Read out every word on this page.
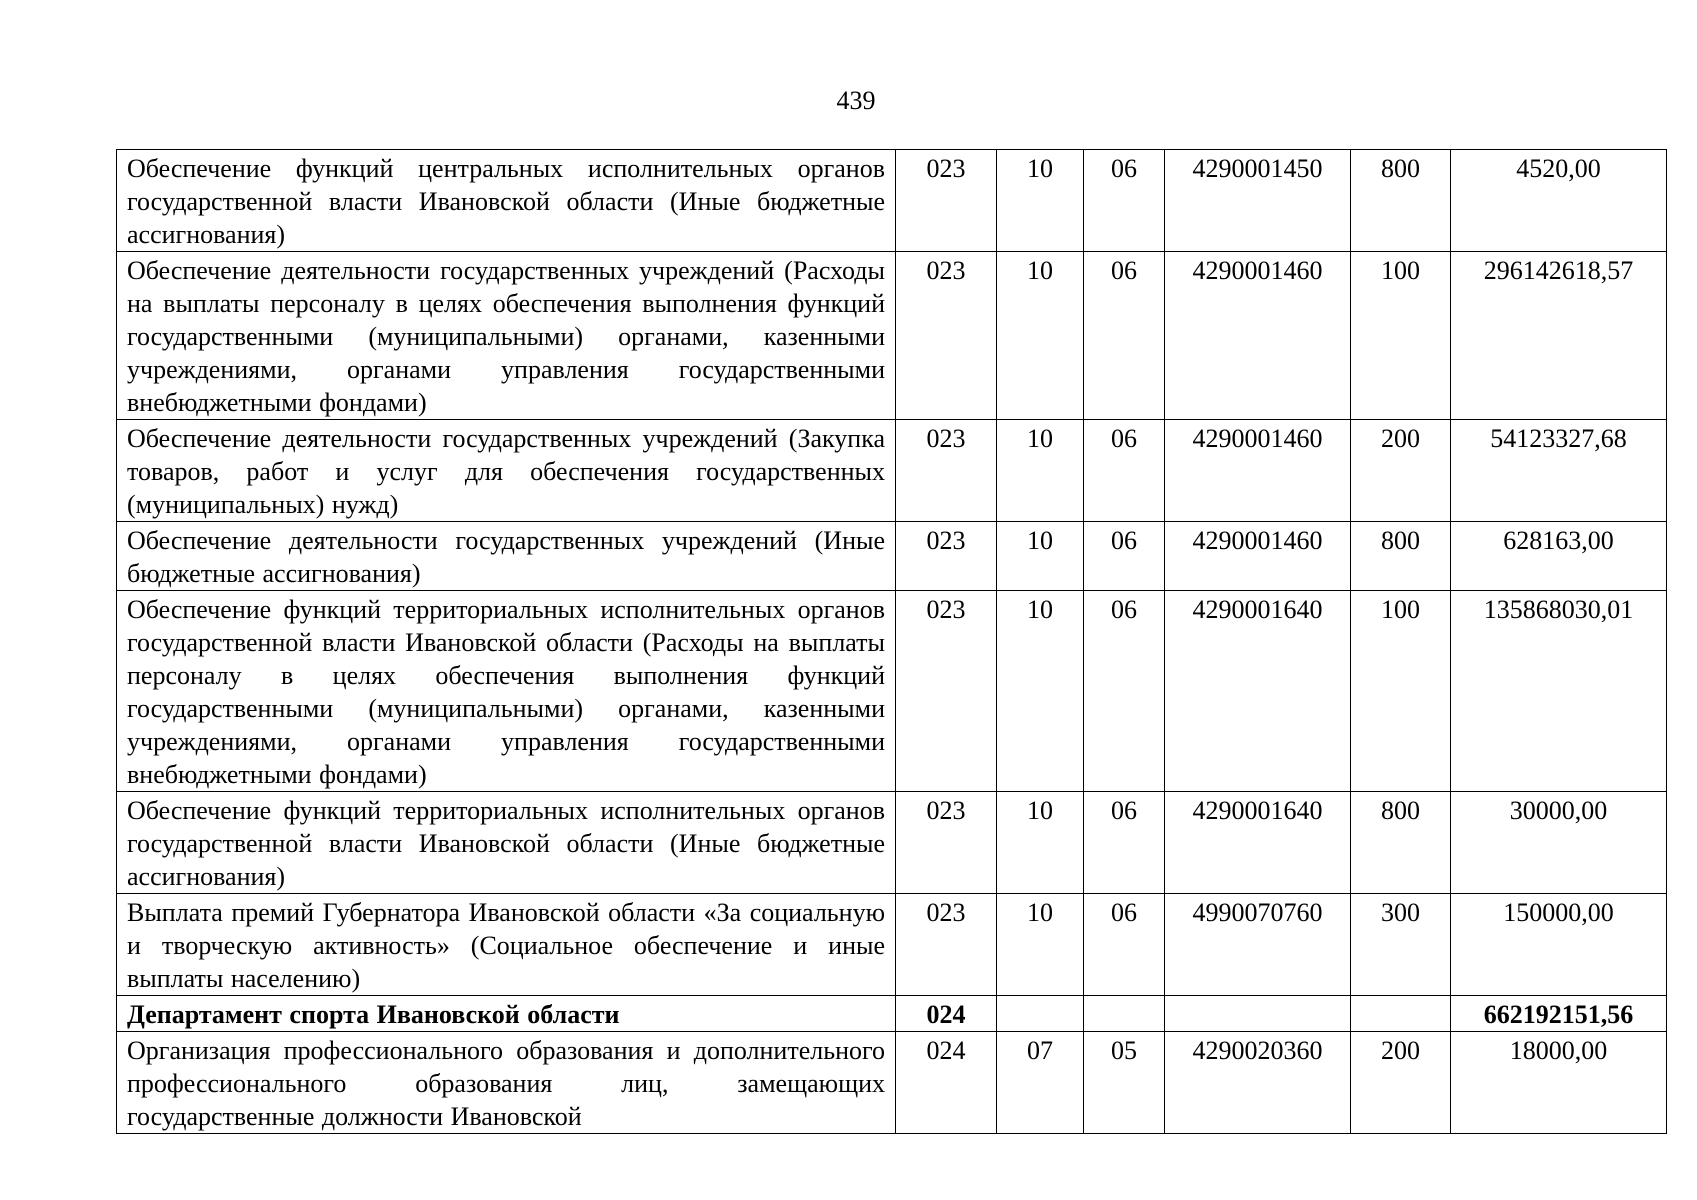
439
Обеспечение функций центральных исполнительных органов государственной власти Ивановской области (Иные бюджетные ассигнования)	023	10	06	4290001450	800	4520,00
Обеспечение деятельности государственных учреждений (Расходы на выплаты персоналу в целях обеспечения выполнения функций государственными (муниципальными) органами, казенными учреждениями, органами управления государственными внебюджетными фондами)	023	10	06	4290001460	100	296142618,57
Обеспечение деятельности государственных учреждений (Закупка товаров, работ и услуг для обеспечения государственных (муниципальных) нужд)	023	10	06	4290001460	200	54123327,68
Обеспечение деятельности государственных учреждений (Иные бюджетные ассигнования)	023	10	06	4290001460	800	628163,00
Обеспечение функций территориальных исполнительных органов государственной власти Ивановской области (Расходы на выплаты персоналу в целях обеспечения выполнения функций государственными (муниципальными) органами, казенными учреждениями, органами управления государственными внебюджетными фондами)	023	10	06	4290001640	100	135868030,01
Обеспечение функций территориальных исполнительных органов государственной власти Ивановской области (Иные бюджетные ассигнования)	023	10	06	4290001640	800	30000,00
Выплата премий Губернатора Ивановской области «За социальную и творческую активность» (Социальное обеспечение и иные выплаты населению)	023	10	06	4990070760	300	150000,00
Департамент спорта Ивановской области	024					662192151,56

Организация профессионального образования и дополнительного профессионального образования лиц, замещающих государственные должности Ивановской	024	07	05	4290020360	200	18000,00
